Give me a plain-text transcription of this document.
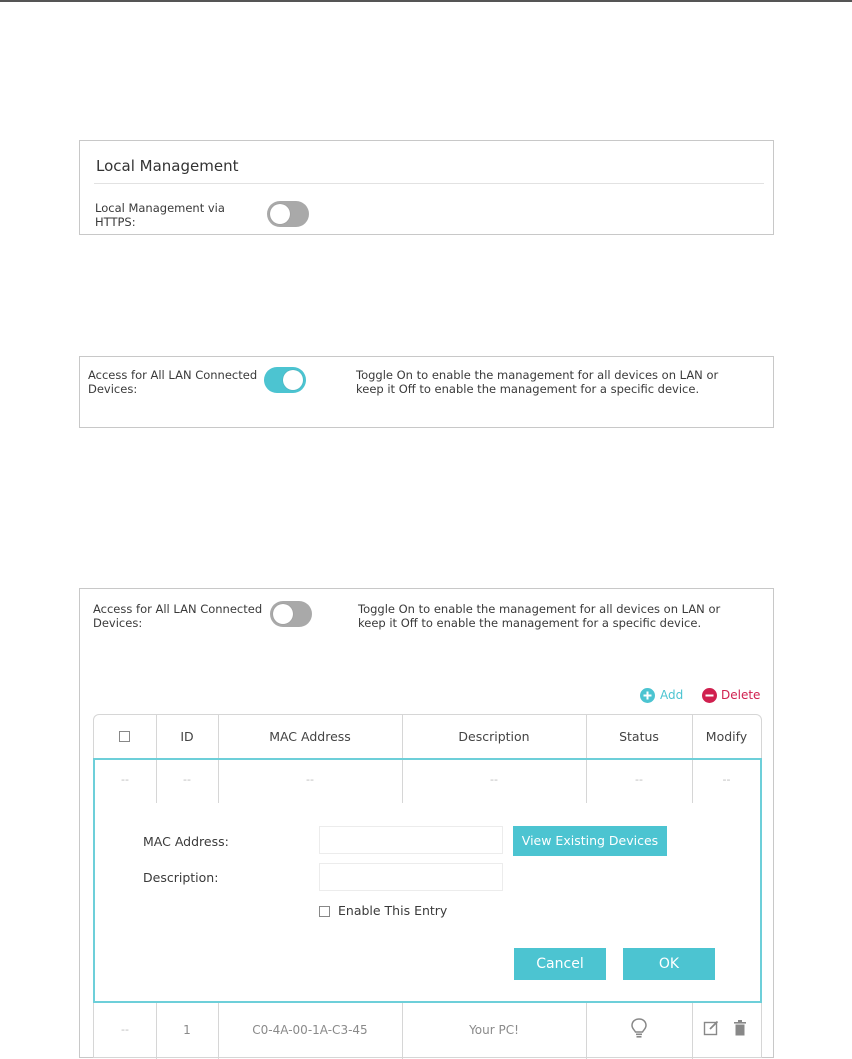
Local Management
Local Management via HTTPS:
Access for All LAN Connected Devices:
Toggle On to enable the management for all devices on LAN or keep it Off to enable the management for a specific device.
Access for All LAN Connected Devices:
Toggle On to enable the management for all devices on LAN or keep it Off to enable the management for a specific device.
Add	Delete
ID	MAC Address	Description	Status	Modify
--	--	--	--	--	--
--	1	C0-4A-00-1A-C3-45	Your PC!
MAC Address:	View Existing Devices
Description:
Enable This Entry
Cancel	OK
